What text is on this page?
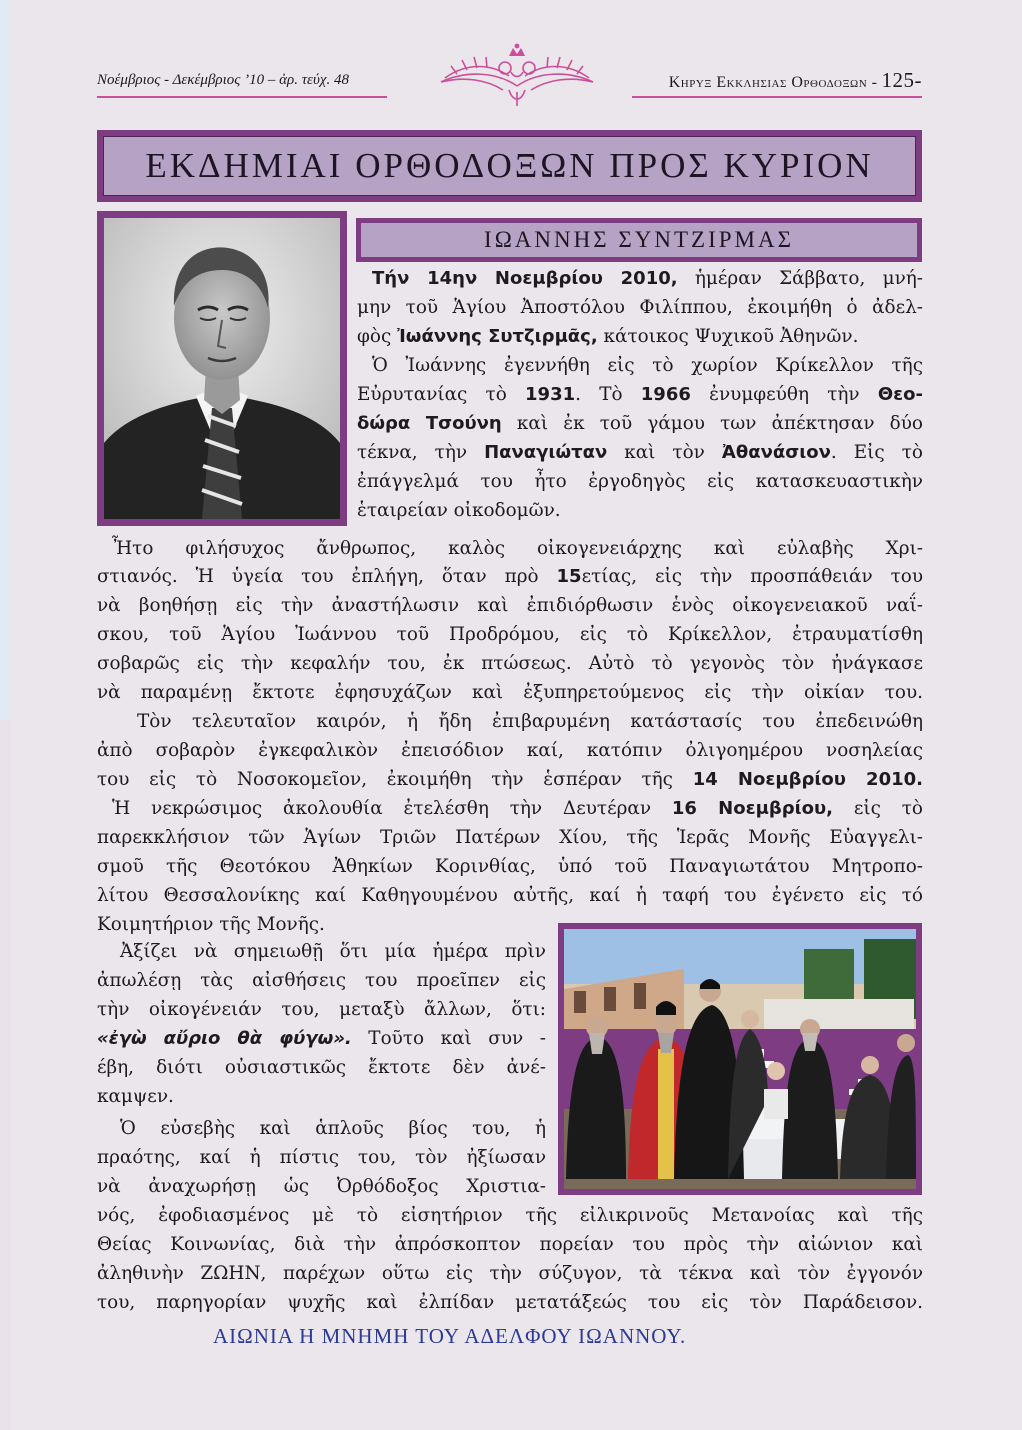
Νοέμβριος - Δεκέμβριος ’10 – ἀρ. τεύχ. 48	Κηρυξ Εκκλησιας Ορθοδοξων - 125-
ΕΚΔΗΜΙΑΙ ΟΡΘΟΔΟΞΩΝ ΠΡΟΣ ΚΥΡΙΟΝ
ΙΩΑΝΝΗΣ ΣΥΝΤΖΙΡΜΑΣ
Τήν 14ην Νοεμβρίου 2010, ἡμέραν Σάββατο, μνή-
μην τοῦ Ἁγίου Ἀποστόλου Φιλίππου, ἐκοιμήθη ὁ ἀδελ-
φὸς Ἰωάννης Συτζιρμᾶς, κάτοικος Ψυχικοῦ Ἀθηνῶν.
Ὁ Ἰωάννης ἐγεννήθη εἰς τὸ χωρίον Κρίκελλον τῆς
Εὐρυτανίας τὸ 1931. Τὸ 1966 ἐνυμφεύθη τὴν Θεο-
δώρα Τσούνη καὶ ἐκ τοῦ γάμου των ἀπέκτησαν δύο
τέκνα, τὴν Παναγιώταν καὶ τὸν Ἀθανάσιον. Εἰς τὸ
ἐπάγγελμά του ἦτο ἐργοδηγὸς εἰς κατασκευαστικὴν
ἑταιρείαν οἰκοδομῶν.
Ἦτο φιλήσυχος ἄνθρωπος, καλὸς οἰκογενειάρχης καὶ εὐλαβὴς Χρι-
στιανός. Ἡ ὑγεία του ἐπλήγη, ὅταν πρὸ 15ετίας, εἰς τὴν προσπάθειάν του
νὰ βοηθήσῃ εἰς τὴν ἀναστήλωσιν καὶ ἐπιδιόρθωσιν ἑνὸς οἰκογενειακοῦ ναΐ-
σκου, τοῦ Ἁγίου Ἰωάννου τοῦ Προδρόμου, εἰς τὸ Κρίκελλον, ἐτραυματίσθη
σοβαρῶς εἰς τὴν κεφαλήν του, ἐκ πτώσεως. Αὐτὸ τὸ γεγονὸς τὸν ἠνάγκασε
νὰ παραμένῃ ἔκτοτε ἐφησυχάζων καὶ ἐξυπηρετούμενος εἰς τὴν οἰκίαν του.
Τὸν τελευταῖον καιρόν, ἡ ἤδη ἐπιβαρυμένη κατάστασίς του ἐπεδεινώθη
ἀπὸ σοβαρὸν ἐγκεφαλικὸν ἐπεισόδιον καί, κατόπιν ὀλιγοημέρου νοσηλείας
του εἰς τὸ Νοσοκομεῖον, ἐκοιμήθη τὴν ἑσπέραν τῆς 14 Νοεμβρίου 2010.
Ἡ νεκρώσιμος ἀκολουθία ἐτελέσθη τὴν Δευτέραν 16 Νοεμβρίου, εἰς τὸ
παρεκκλήσιον τῶν Ἁγίων Τριῶν Πατέρων Χίου, τῆς Ἱερᾶς Μονῆς Εὐαγγελι-
σμοῦ τῆς Θεοτόκου Ἀθηκίων Κορινθίας, ὑπό τοῦ Παναγιωτάτου Μητροπο-
λίτου Θεσσαλονίκης καί Καθηγουμένου αὐτῆς, καί ἡ ταφή του ἐγένετο εἰς τό
Κοιμητήριον τῆς Μονῆς.
Ἀξίζει νὰ σημειωθῇ ὅτι μία ἡμέρα πρὶν
ἀπωλέσῃ τὰς αἰσθήσεις του προεῖπεν εἰς
τὴν οἰκογένειάν του, μεταξὺ ἄλλων, ὅτι:
«ἐγὼ αὔριο θὰ φύγω». Τοῦτο καὶ συν -
έβη, διότι οὐσιαστικῶς ἔκτοτε δὲν ἀνέ-
καμψεν.
Ὁ εὐσεβὴς καὶ ἁπλοῦς βίος του, ἡ
πραότης, καί ἡ πίστις του, τὸν ἠξίωσαν
νὰ ἀναχωρήσῃ ὡς Ὀρθόδοξος Χριστια-
νός, ἐφοδιασμένος μὲ τὸ εἰσητήριον τῆς εἰλικρινοῦς Μετανοίας καὶ τῆς
Θείας Κοινωνίας, διὰ τὴν ἀπρόσκοπτον πορείαν του πρὸς τὴν αἰώνιον καὶ
ἀληθινὴν ΖΩΗΝ, παρέχων οὕτω εἰς τὴν σύζυγον, τὰ τέκνα καὶ τὸν ἐγγονόν
του, παρηγορίαν ψυχῆς καὶ ἐλπίδαν μετατάξεώς του εἰς τὸν Παράδεισον.
ΑΙΩΝΙΑ Η ΜΝΗΜΗ ΤΟΥ ΑΔΕΛΦΟΥ ΙΩΑΝΝΟΥ.
